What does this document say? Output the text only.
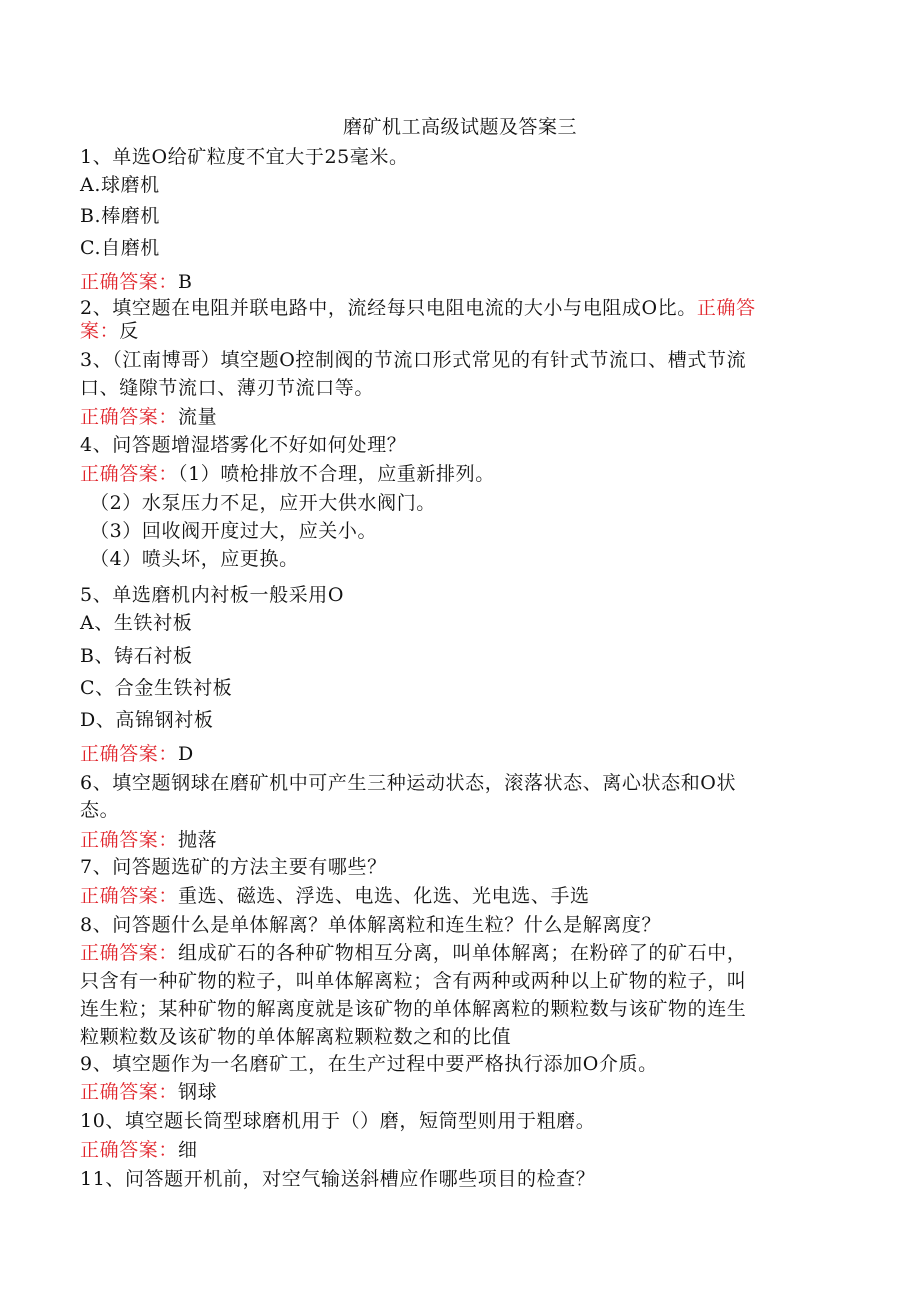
磨矿机工高级试题及答案三
1、单选O给矿粒度不宜大于25毫米。
A.球磨机
B.棒磨机
C.自磨机
正确答案：B
2、填空题在电阻并联电路中，流经每只电阻电流的大小与电阻成O比。正确答
案：反
3、（江南博哥）填空题O控制阀的节流口形式常见的有针式节流口、槽式节流
口、缝隙节流口、薄刃节流口等。
正确答案：流量
4、问答题增湿塔雾化不好如何处理？
正确答案：（1）喷枪排放不合理，应重新排列。
（2）水泵压力不足，应开大供水阀门。
（3）回收阀开度过大，应关小。
（4）喷头坏，应更换。
5、单选磨机内衬板一般采用O
A、生铁衬板
B、铸石衬板
C、合金生铁衬板
D、高锦钢衬板
正确答案：D
6、填空题钢球在磨矿机中可产生三种运动状态，滚落状态、离心状态和O状
态。
正确答案：抛落
7、问答题选矿的方法主要有哪些？
正确答案：重选、磁选、浮选、电选、化选、光电选、手选
8、问答题什么是单体解离？单体解离粒和连生粒？什么是解离度？
正确答案：组成矿石的各种矿物相互分离，叫单体解离；在粉碎了的矿石中，
只含有一种矿物的粒子，叫单体解离粒；含有两种或两种以上矿物的粒子，叫
连生粒；某种矿物的解离度就是该矿物的单体解离粒的颗粒数与该矿物的连生
粒颗粒数及该矿物的单体解离粒颗粒数之和的比值
9、填空题作为一名磨矿工，在生产过程中要严格执行添加O介质。
正确答案：钢球
10、填空题长筒型球磨机用于（）磨，短筒型则用于粗磨。
正确答案：细
11、问答题开机前，对空气输送斜槽应作哪些项目的检查？
